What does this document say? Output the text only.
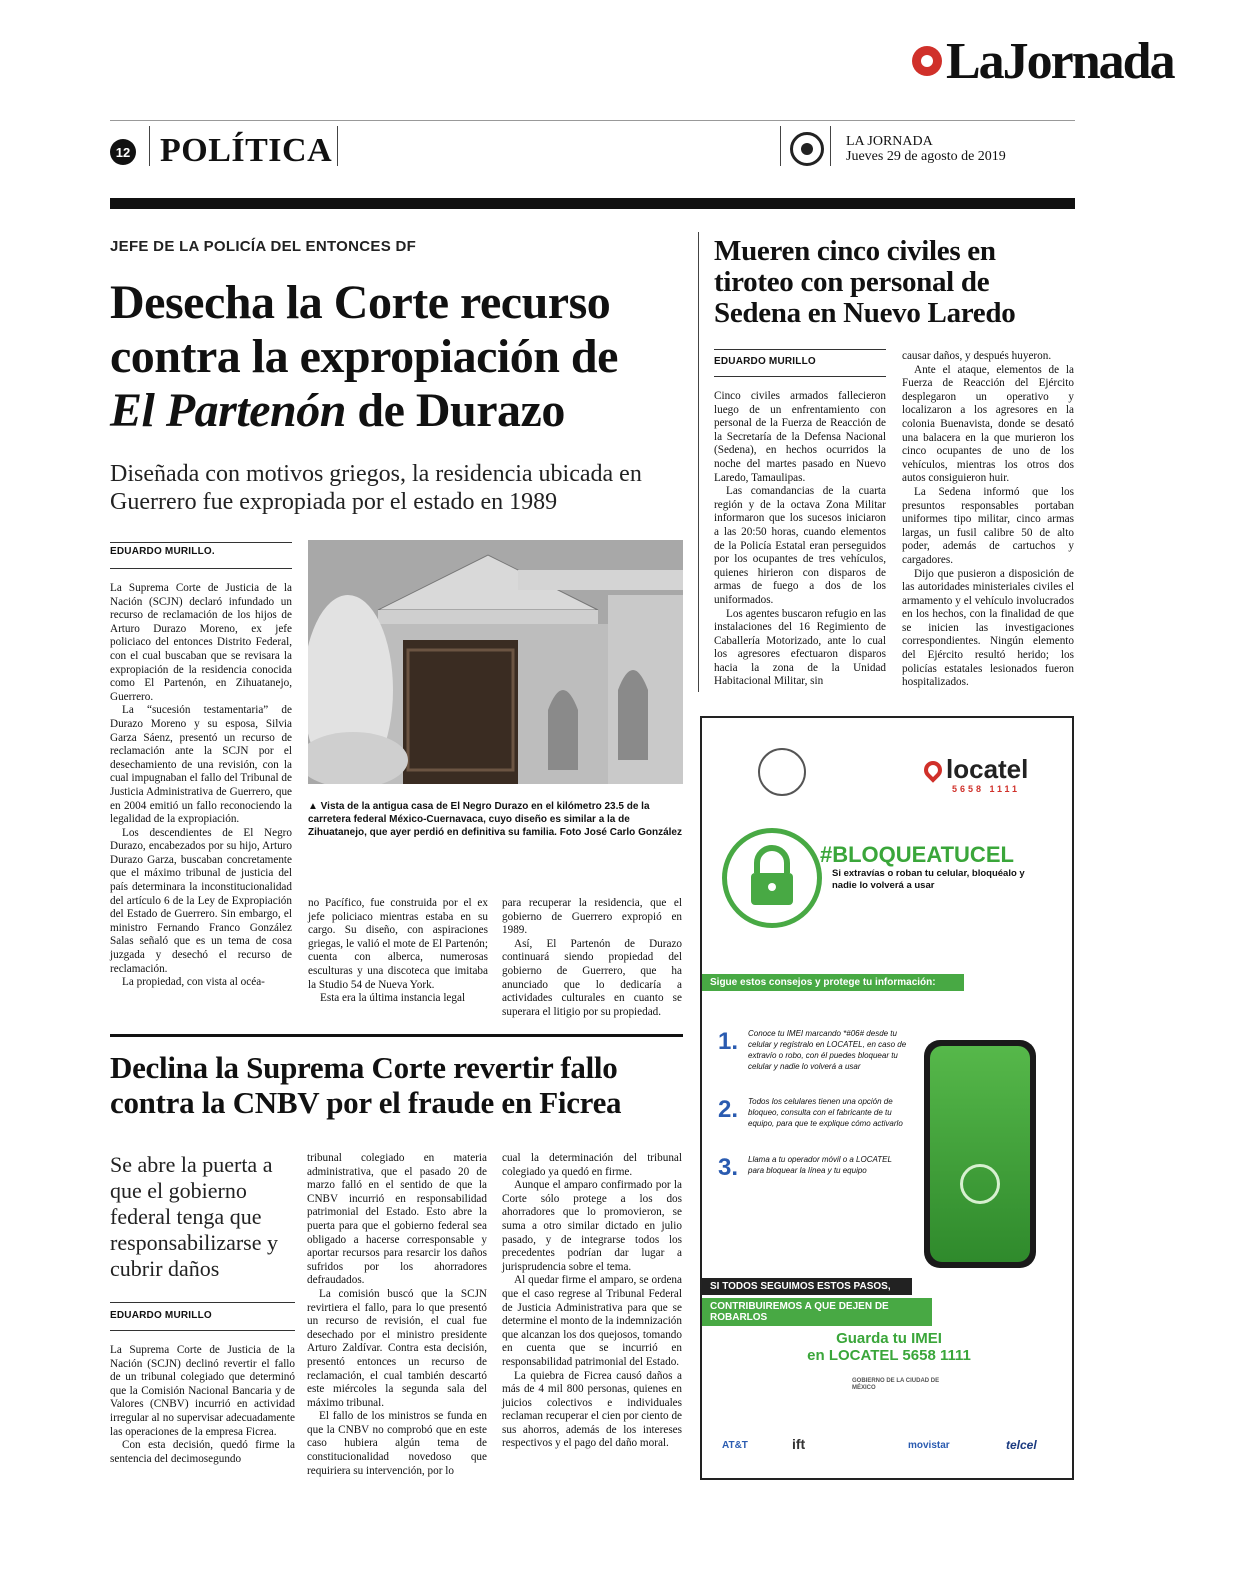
LaJornada
12 POLÍTICA	LA JORNADA
Jueves 29 de agosto de 2019
JEFE DE LA POLICÍA DEL ENTONCES DF
Desecha la Corte recurso
contra la expropiación de
El Partenón de Durazo
Diseñada con motivos griegos, la residencia ubicada en Guerrero fue expropiada por el estado en 1989
EDUARDO MURILLO.

La Suprema Corte de Justicia de la Nación (SCJN) declaró infundado un recurso de reclamación de los hijos de Arturo Durazo Moreno, ex jefe policiaco del entonces Distrito Federal, con el cual buscaban que se revisara la expropiación de la residencia conocida como El Partenón, en Zihuatanejo, Guerrero.

La “sucesión testamentaria” de Durazo Moreno y su esposa, Silvia Garza Sáenz, presentó un recurso de reclamación ante la SCJN por el desechamiento de una revisión, con la cual impugnaban el fallo del Tribunal de Justicia Administrativa de Guerrero, que en 2004 emitió un fallo reconociendo la legalidad de la expropiación.

Los descendientes de El Negro Durazo, encabezados por su hijo, Arturo Durazo Garza, buscaban concretamente que el máximo tribunal de justicia del país determinara la inconstitucionalidad del artículo 6 de la Ley de Expropiación del Estado de Guerrero. Sin embargo, el ministro Fernando Franco González Salas señaló que es un tema de cosa juzgada y desechó el recurso de reclamación.

La propiedad, con vista al océa-

▲ Vista de la antigua casa de El Negro Durazo en el kilómetro 23.5 de la carretera federal México-Cuernavaca, cuyo diseño es similar a la de Zihuatanejo, que ayer perdió en definitiva su familia. Foto José Carlo González

no Pacífico, fue construida por el ex jefe policiaco mientras estaba en su cargo. Su diseño, con aspiraciones griegas, le valió el mote de El Partenón; cuenta con alberca, numerosas esculturas y una discoteca que imitaba la Studio 54 de Nueva York.

Esta era la última instancia legal

para recuperar la residencia, que el gobierno de Guerrero expropió en 1989.

Así, El Partenón de Durazo continuará siendo propiedad del gobierno de Guerrero, que ha anunciado que lo dedicaría a actividades culturales en cuanto se superara el litigio por su propiedad.

Mueren cinco civiles en tiroteo con personal de Sedena en Nuevo Laredo
EDUARDO MURILLO

Cinco civiles armados fallecieron luego de un enfrentamiento con personal de la Fuerza de Reacción de la Secretaría de la Defensa Nacional (Sedena), en hechos ocurridos la noche del martes pasado en Nuevo Laredo, Tamaulipas.

Las comandancias de la cuarta región y de la octava Zona Militar informaron que los sucesos iniciaron a las 20:50 horas, cuando elementos de la Policía Estatal eran perseguidos por los ocupantes de tres vehículos, quienes hirieron con disparos de armas de fuego a dos de los uniformados.

Los agentes buscaron refugio en las instalaciones del 16 Regimiento de Caballería Motorizado, ante lo cual los agresores efectuaron disparos hacia la zona de la Unidad Habitacional Militar, sin

causar daños, y después huyeron.

Ante el ataque, elementos de la Fuerza de Reacción del Ejército desplegaron un operativo y localizaron a los agresores en la colonia Buenavista, donde se desató una balacera en la que murieron los cinco ocupantes de uno de los vehículos, mientras los otros dos autos consiguieron huir.

La Sedena informó que los presuntos responsables portaban uniformes tipo militar, cinco armas largas, un fusil calibre 50 de alto poder, además de cartuchos y cargadores.

Dijo que pusieron a disposición de las autoridades ministeriales civiles el armamento y el vehículo involucrados en los hechos, con la finalidad de que se inicien las investigaciones correspondientes. Ningún elemento del Ejército resultó herido; los policías estatales lesionados fueron hospitalizados.

Declina la Suprema Corte revertir fallo
contra la CNBV por el fraude en Ficrea
Se abre la puerta a que el gobierno federal tenga que responsabilizarse y cubrir daños
EDUARDO MURILLO

La Suprema Corte de Justicia de la Nación (SCJN) declinó revertir el fallo de un tribunal colegiado que determinó que la Comisión Nacional Bancaria y de Valores (CNBV) incurrió en actividad irregular al no supervisar adecuadamente las operaciones de la empresa Ficrea.

Con esta decisión, quedó firme la sentencia del decimosegundo

tribunal colegiado en materia administrativa, que el pasado 20 de marzo falló en el sentido de que la CNBV incurrió en responsabilidad patrimonial del Estado. Esto abre la puerta para que el gobierno federal sea obligado a hacerse corresponsable y aportar recursos para resarcir los daños sufridos por los ahorradores defraudados.

La comisión buscó que la SCJN revirtiera el fallo, para lo que presentó un recurso de revisión, el cual fue desechado por el ministro presidente Arturo Zaldívar. Contra esta decisión, presentó entonces un recurso de reclamación, el cual también descartó este miércoles la segunda sala del máximo tribunal.

El fallo de los ministros se funda en que la CNBV no comprobó que en este caso hubiera algún tema de constitucionalidad novedoso que requiriera su intervención, por lo

cual la determinación del tribunal colegiado ya quedó en firme.

Aunque el amparo confirmado por la Corte sólo protege a los dos ahorradores que lo promovieron, se suma a otro similar dictado en julio pasado, y de integrarse todos los precedentes podrían dar lugar a jurisprudencia sobre el tema.

Al quedar firme el amparo, se ordena que el caso regrese al Tribunal Federal de Justicia Administrativa para que se determine el monto de la indemnización que alcanzan los dos quejosos, tomando en cuenta que se incurrió en responsabilidad patrimonial del Estado.

La quiebra de Ficrea causó daños a más de 4 mil 800 personas, quienes en juicios colectivos e individuales reclaman recuperar el cien por ciento de sus ahorros, además de los intereses respectivos y el pago del daño moral.

locatel
5658 1111
#BLOQUEATUCEL
Si extravías o roban tu celular, bloquéalo y nadie lo volverá a usar
Sigue estos consejos y protege tu información:
1. Conoce tu IMEI marcando *#06# desde tu celular y regístralo en LOCATEL, en caso de extravío o robo, con él puedes bloquear tu celular y nadie lo volverá a usar
2. Todos los celulares tienen una opción de bloqueo, consulta con el fabricante de tu equipo, para que te explique cómo activarlo
3. Llama a tu operador móvil o a LOCATEL para bloquear la línea y tu equipo
SI TODOS SEGUIMOS ESTOS PASOS,
CONTRIBUIREMOS A QUE DEJEN DE ROBARLOS
Guarda tu IMEI
en LOCATEL 5658 1111
GOBIERNO DE LA CIUDAD DE MÉXICO
AT&T	ift	movistar	telcel
